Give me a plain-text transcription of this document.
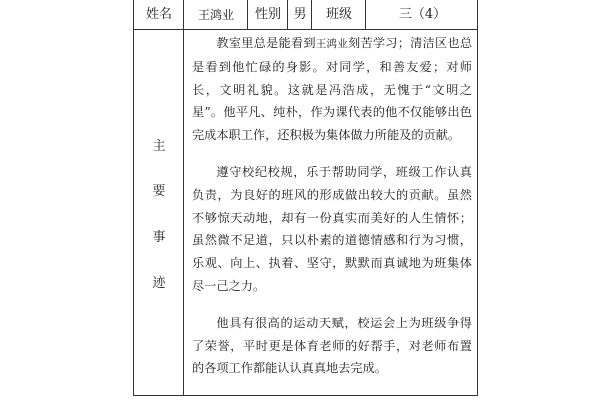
姓名	王鸿业	性别 男	班级	三（4）
主
要
事
迹

教室里总是能看到王鸿业刻苦学习；清洁区也总是看到他忙碌的身影。对同学，和善友爱；对师长，文明礼貌。这就是冯浩成，无愧于“文明之星”。他平凡、纯朴，作为课代表的他不仅能够出色完成本职工作，还积极为集体做力所能及的贡献。

遵守校纪校规，乐于帮助同学，班级工作认真负责，为良好的班风的形成做出较大的贡献。虽然不够惊天动地，却有一份真实而美好的人生情怀；虽然微不足道，只以朴素的道德情感和行为习惯，乐观、向上、执着、坚守，默默而真诚地为班集体尽一己之力。

他具有很高的运动天赋，校运会上为班级争得了荣誉，平时更是体育老师的好帮手，对老师布置的各项工作都能认认真真地去完成。
